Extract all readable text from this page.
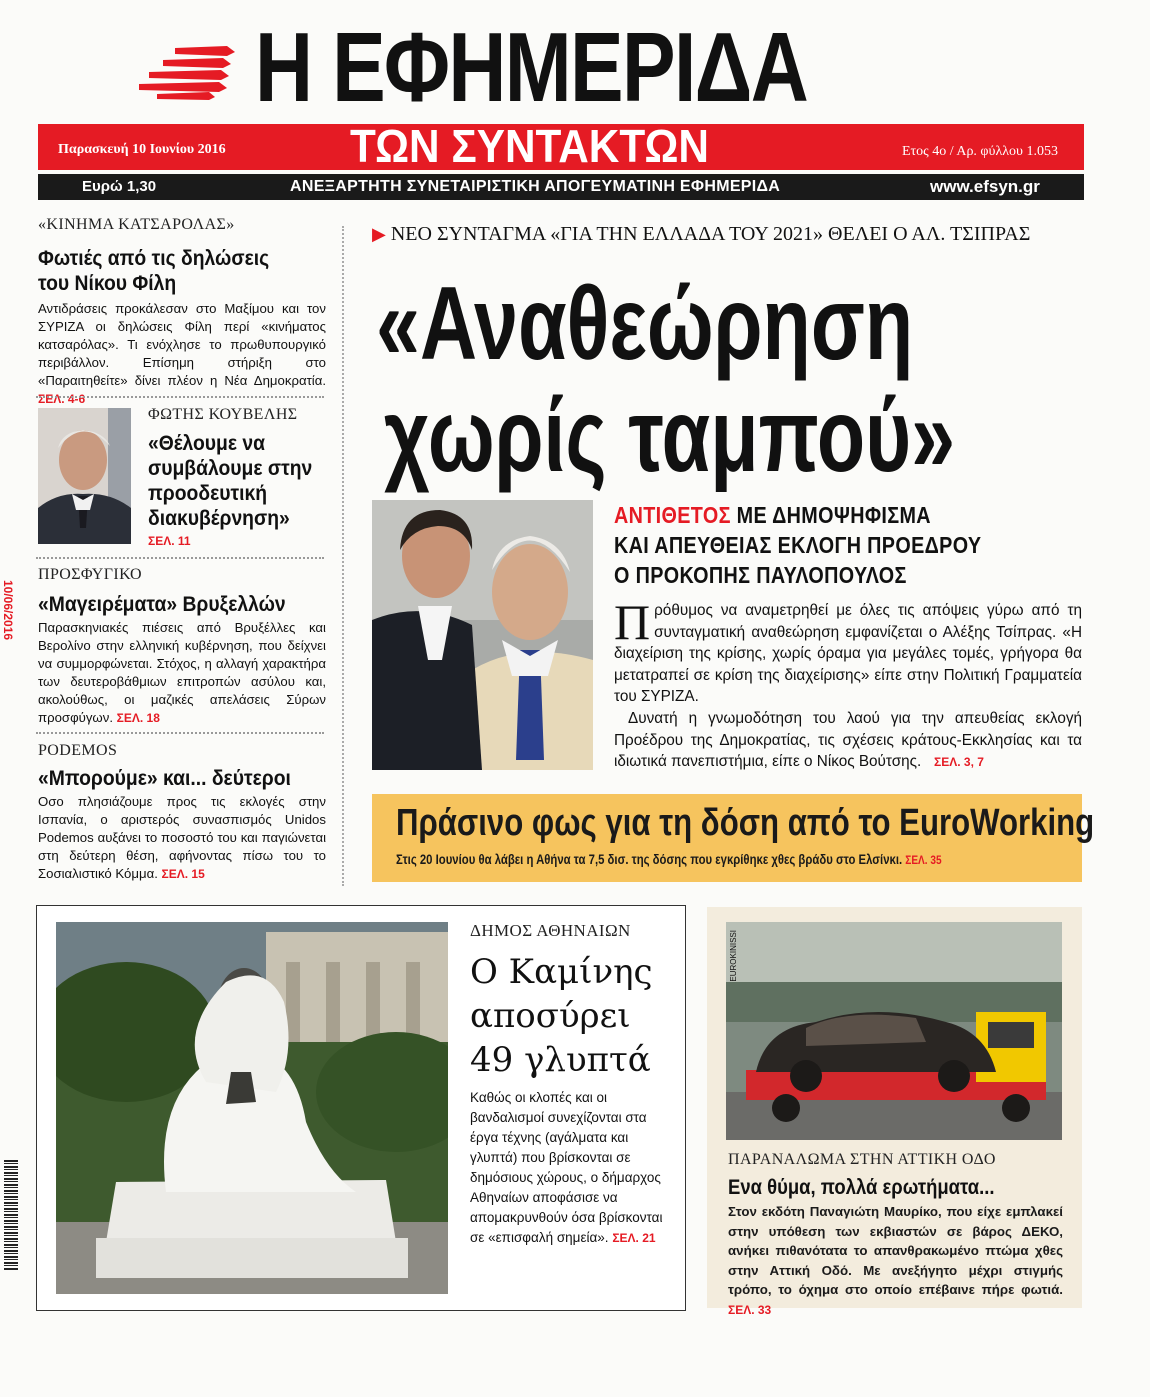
Η ΕΦΗΜΕΡΙΔΑ
Παρασκευή 10 Ιουνίου 2016	ΤΩΝ ΣΥΝΤΑΚΤΩΝ	Ετος 4ο / Αρ. φύλλου 1.053
Ευρώ 1,30	ΑΝΕΞΑΡΤΗΤΗ ΣΥΝΕΤΑΙΡΙΣΤΙΚΗ ΑΠΟΓΕΥΜΑΤΙΝΗ ΕΦΗΜΕΡΙΔΑ	www.efsyn.gr
«ΚΙΝΗΜΑ ΚΑΤΣΑΡΟΛΑΣ»
Φωτιές από τις δηλώσεις
του Νίκου Φίλη
Αντιδράσεις προκάλεσαν στο Μαξίμου και τον ΣΥΡΙΖΑ οι δηλώσεις Φίλη περί «κινήματος κατσαρόλας». Τι ενόχλησε το πρωθυπουργικό περιβάλλον. Επίσημη στήριξη στο «Παραιτηθείτε» δίνει πλέον η Νέα Δημοκρατία. ΣΕΛ. 4-6
ΦΩΤΗΣ ΚΟΥΒΕΛΗΣ
«Θέλουμε να
συμβάλουμε στην
προοδευτική
διακυβέρνηση»
ΣΕΛ. 11
ΠΡΟΣΦΥΓΙΚΟ
«Μαγειρέματα» Βρυξελλών
Παρασκηνιακές πιέσεις από Βρυξέλλες και Βερολίνο στην ελληνική κυβέρνηση, που δείχνει να συμμορφώνεται. Στόχος, η αλλαγή χαρακτήρα των δευτεροβάθμιων επιτροπών ασύλου και, ακολούθως, οι μαζικές απελάσεις Σύρων προσφύγων. ΣΕΛ. 18
PODEMOS
«Μπορούμε» και... δεύτεροι
Οσο πλησιάζουμε προς τις εκλογές στην Ισπανία, ο αριστερός συνασπισμός Unidos Podemos αυξάνει το ποσοστό του και παγιώνεται στη δεύτερη θέση, αφήνοντας πίσω του το Σοσιαλιστικό Κόμμα. ΣΕΛ. 15
▶ ΝΕΟ ΣΥΝΤΑΓΜΑ «ΓΙΑ ΤΗΝ ΕΛΛΑΔΑ ΤΟΥ 2021» ΘΕΛΕΙ Ο ΑΛ. ΤΣΙΠΡΑΣ
«Αναθεώρηση
χωρίς ταμπού»
ΑΝΤΙΘΕΤΟΣ ΜΕ ΔΗΜΟΨΗΦΙΣΜΑ
ΚΑΙ ΑΠΕΥΘΕΙΑΣ ΕΚΛΟΓΗ ΠΡΟΕΔΡΟΥ
Ο ΠΡΟΚΟΠΗΣ ΠΑΥΛΟΠΟΥΛΟΣ

Πρόθυμος να αναμετρηθεί με όλες τις απόψεις γύρω από τη συνταγματική αναθεώρηση εμφανίζεται ο Αλέξης Τσίπρας. «Η διαχείριση της κρίσης, χωρίς όραμα για μεγάλες τομές, γρήγορα θα μετατραπεί σε κρίση της διαχείρισης» είπε στην Πολιτική Γραμματεία του ΣΥΡΙΖΑ.

Δυνατή η γνωμοδότηση του λαού για την απευθείας εκλογή Προέδρου της Δημοκρατίας, τις σχέσεις κράτους-Εκκλησίας και τα ιδιωτικά πανεπιστήμια, είπε ο Νίκος Βούτσης. ΣΕΛ. 3, 7

Πράσινο φως για τη δόση από το EuroWorking
Στις 20 Ιουνίου θα λάβει η Αθήνα τα 7,5 δισ. της δόσης που εγκρίθηκε χθες βράδυ στο Ελσίνκι. ΣΕΛ. 35
ΔΗΜΟΣ ΑΘΗΝΑΙΩΝ
Ο Καμίνης
αποσύρει
49 γλυπτά
Καθώς οι κλοπές και οι βανδαλισμοί συνεχίζονται στα έργα τέχνης (αγάλματα και γλυπτά) που βρίσκονται σε δημόσιους χώρους, ο δήμαρχος Αθηναίων αποφάσισε να απομακρυνθούν όσα βρίσκονται σε «επισφαλή σημεία». ΣΕΛ. 21
EUROKINISSI
ΠΑΡΑΝΑΛΩΜΑ ΣΤΗΝ ΑΤΤΙΚΗ ΟΔΟ
Ενα θύμα, πολλά ερωτήματα...
Στον εκδότη Παναγιώτη Μαυρίκο, που είχε εμπλακεί στην υπόθεση των εκβιαστών σε βάρος ΔΕΚΟ, ανήκει πιθανότατα το απανθρακωμένο πτώμα χθες στην Αττική Οδό. Με ανεξήγητο μέχρι στιγμής τρόπο, το όχημα στο οποίο επέβαινε πήρε φωτιά. ΣΕΛ. 33
10/06/2016
